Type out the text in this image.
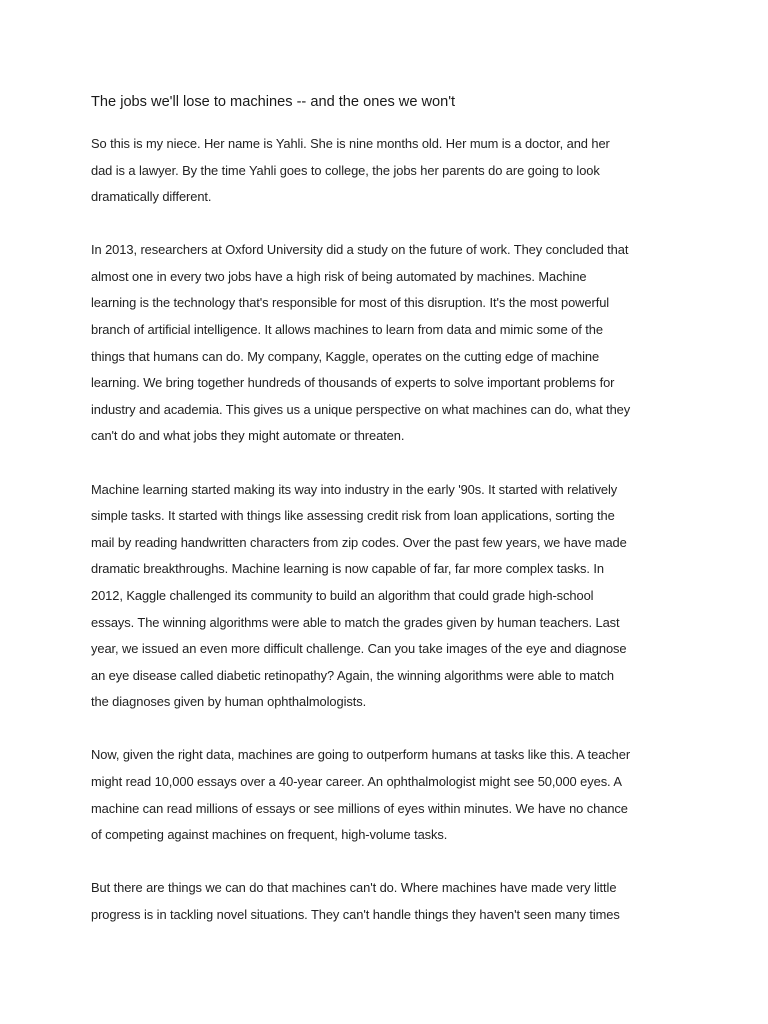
The jobs we'll lose to machines -- and the ones we won't

So this is my niece. Her name is Yahli. She is nine months old. Her mum is a doctor, and her
dad is a lawyer. By the time Yahli goes to college, the jobs her parents do are going to look
dramatically different.

In 2013, researchers at Oxford University did a study on the future of work. They concluded that
almost one in every two jobs have a high risk of being automated by machines. Machine
learning is the technology that's responsible for most of this disruption. It's the most powerful
branch of artificial intelligence. It allows machines to learn from data and mimic some of the
things that humans can do. My company, Kaggle, operates on the cutting edge of machine
learning. We bring together hundreds of thousands of experts to solve important problems for
industry and academia. This gives us a unique perspective on what machines can do, what they
can't do and what jobs they might automate or threaten.

Machine learning started making its way into industry in the early '90s. It started with relatively
simple tasks. It started with things like assessing credit risk from loan applications, sorting the
mail by reading handwritten characters from zip codes. Over the past few years, we have made
dramatic breakthroughs. Machine learning is now capable of far, far more complex tasks. In
2012, Kaggle challenged its community to build an algorithm that could grade high-school
essays. The winning algorithms were able to match the grades given by human teachers. Last
year, we issued an even more difficult challenge. Can you take images of the eye and diagnose
an eye disease called diabetic retinopathy? Again, the winning algorithms were able to match
the diagnoses given by human ophthalmologists.

Now, given the right data, machines are going to outperform humans at tasks like this. A teacher
might read 10,000 essays over a 40-year career. An ophthalmologist might see 50,000 eyes. A
machine can read millions of essays or see millions of eyes within minutes. We have no chance
of competing against machines on frequent, high-volume tasks.

But there are things we can do that machines can't do. Where machines have made very little
progress is in tackling novel situations. They can't handle things they haven't seen many times
